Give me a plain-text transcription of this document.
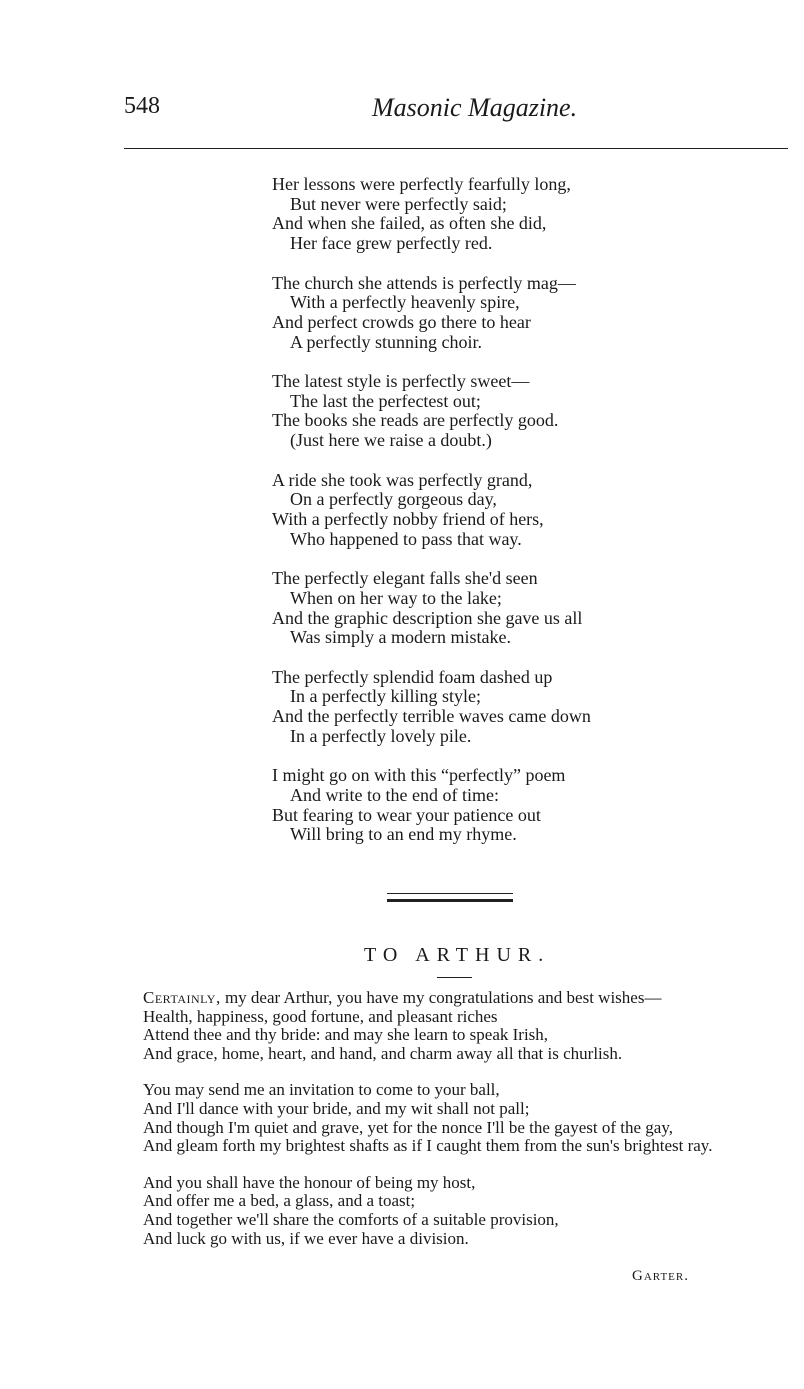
548	Masonic Magazine.
Her lessons were perfectly fearfully long,
But never were perfectly said;
And when she failed, as often she did,
Her face grew perfectly red.
The church she attends is perfectly mag—
With a perfectly heavenly spire,
And perfect crowds go there to hear
A perfectly stunning choir.
The latest style is perfectly sweet—
The last the perfectest out;
The books she reads are perfectly good.
(Just here we raise a doubt.)
A ride she took was perfectly grand,
On a perfectly gorgeous day,
With a perfectly nobby friend of hers,
Who happened to pass that way.
The perfectly elegant falls she'd seen
When on her way to the lake;
And the graphic description she gave us all
Was simply a modern mistake.
The perfectly splendid foam dashed up
In a perfectly killing style;
And the perfectly terrible waves came down
In a perfectly lovely pile.
I might go on with this “perfectly” poem
And write to the end of time:
But fearing to wear your patience out
Will bring to an end my rhyme.
TO ARTHUR.
Certainly, my dear Arthur, you have my congratulations and best wishes—
Health, happiness, good fortune, and pleasant riches
Attend thee and thy bride: and may she learn to speak Irish,
And grace, home, heart, and hand, and charm away all that is churlish.
You may send me an invitation to come to your ball,
And I'll dance with your bride, and my wit shall not pall;
And though I'm quiet and grave, yet for the nonce I'll be the gayest of the gay,
And gleam forth my brightest shafts as if I caught them from the sun's brightest ray.
And you shall have the honour of being my host,
And offer me a bed, a glass, and a toast;
And together we'll share the comforts of a suitable provision,
And luck go with us, if we ever have a division.
Garter.
